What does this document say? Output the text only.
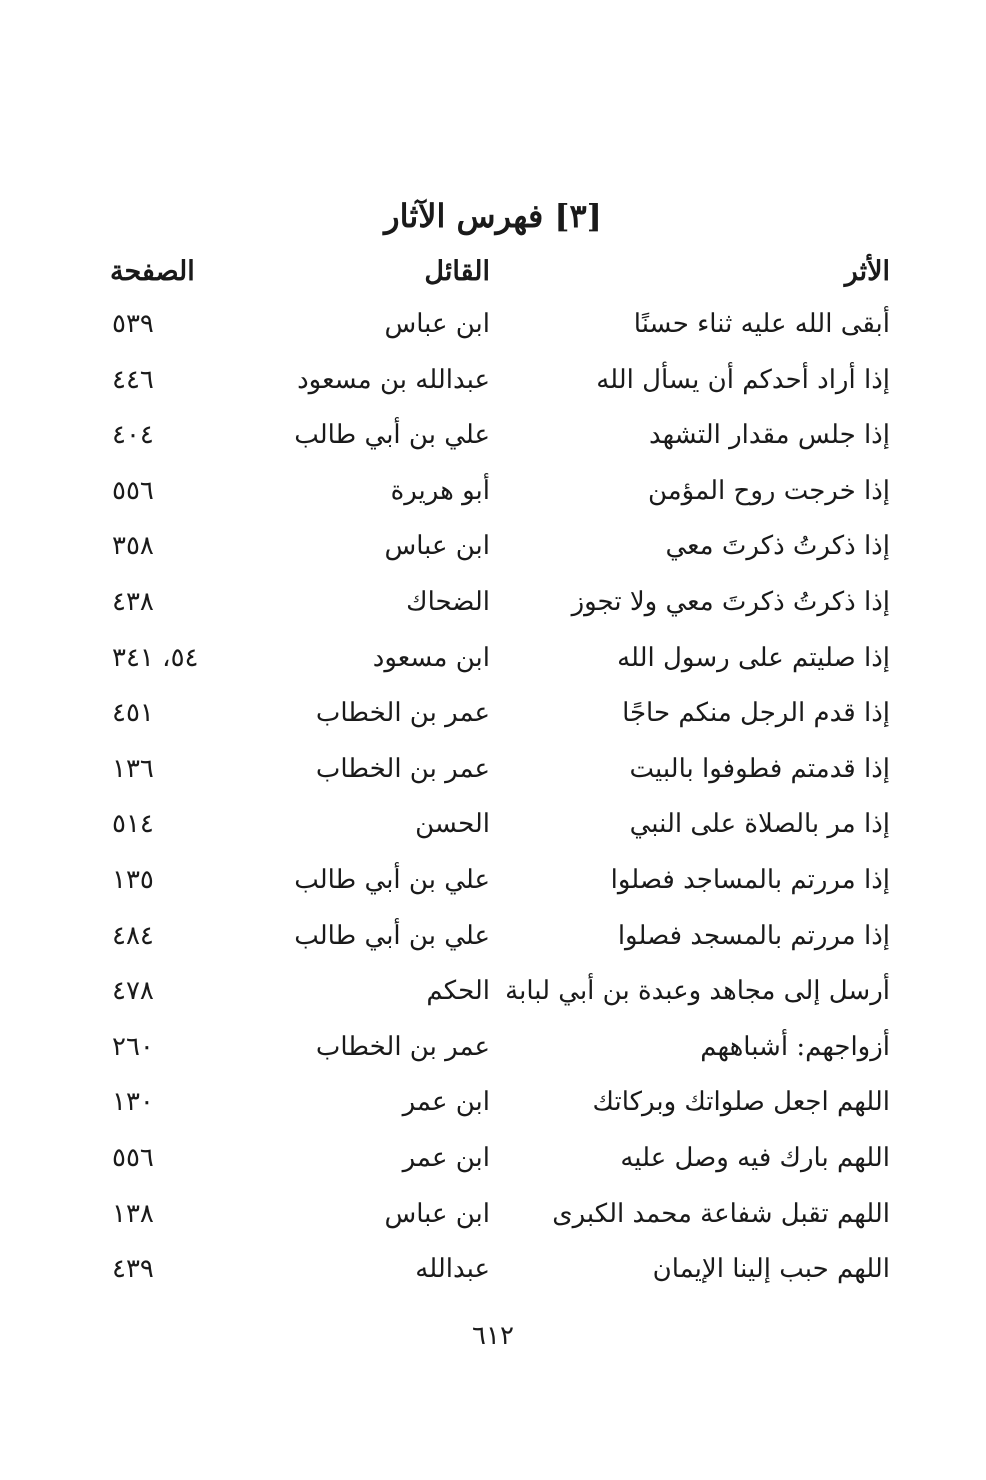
[٣] فهرس الآثار
الأثر
القائل
الصفحة
أبقى الله عليه ثناء حسنًا
ابن عباس
٥٣٩
إذا أراد أحدكم أن يسأل الله
عبدالله بن مسعود
٤٤٦
إذا جلس مقدار التشهد
علي بن أبي طالب
٤٠٤
إذا خرجت روح المؤمن
أبو هريرة
٥٥٦
إذا ذكرتُ ذكرتَ معي
ابن عباس
٣٥٨
إذا ذكرتُ ذكرتَ معي ولا تجوز
الضحاك
٤٣٨
إذا صليتم على رسول الله
ابن مسعود
٥٤، ٣٤١
إذا قدم الرجل منكم حاجًا
عمر بن الخطاب
٤٥١
إذا قدمتم فطوفوا بالبيت
عمر بن الخطاب
١٣٦
إذا مر بالصلاة على النبي
الحسن
٥١٤
إذا مررتم بالمساجد فصلوا
علي بن أبي طالب
١٣٥
إذا مررتم بالمسجد فصلوا
علي بن أبي طالب
٤٨٤
أرسل إلى مجاهد وعبدة بن أبي لبابة
الحكم
٤٧٨
أزواجهم: أشباههم
عمر بن الخطاب
٢٦٠
اللهم اجعل صلواتك وبركاتك
ابن عمر
١٣٠
اللهم بارك فيه وصل عليه
ابن عمر
٥٥٦
اللهم تقبل شفاعة محمد الكبرى
ابن عباس
١٣٨
اللهم حبب إلينا الإيمان
عبدالله
٤٣٩
٦١٢
